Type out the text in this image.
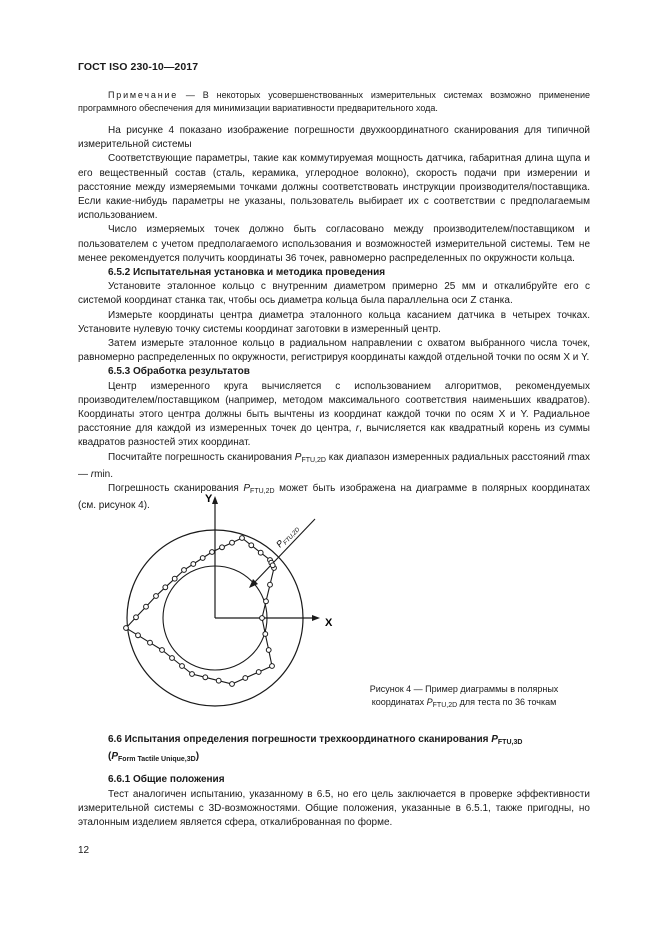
ГОСТ ISO 230-10—2017

Примечание — В некоторых усовершенствованных измерительных системах возможно применение программного обеспечения для минимизации вариативности предварительного хода.

На рисунке 4 показано изображение погрешности двухкоординатного сканирования для типичной измерительной системы

Соответствующие параметры, такие как коммутируемая мощность датчика, габаритная длина щупа и его вещественный состав (сталь, керамика, углеродное волокно), скорость подачи при измерении и расстояние между измеряемыми точками должны соответствовать инструкции производителя/поставщика. Если какие-нибудь параметры не указаны, пользователь выбирает их с соответствии с предполагаемым использованием.

Число измеряемых точек должно быть согласовано между производителем/поставщиком и пользователем с учетом предполагаемого использования и возможностей измерительной системы. Тем не менее рекомендуется получить координаты 36 точек, равномерно распределенных по окружности кольца.

6.5.2 Испытательная установка и методика проведения

Установите эталонное кольцо с внутренним диаметром примерно 25 мм и откалибруйте его с системой координат станка так, чтобы ось диаметра кольца была параллельна оси Z станка.

Измерьте координаты центра диаметра эталонного кольца касанием датчика в четырех точках. Установите нулевую точку системы координат заготовки в измеренный центр.

Затем измерьте эталонное кольцо в радиальном направлении с охватом выбранного числа точек, равномерно распределенных по окружности, регистрируя координаты каждой отдельной точки по осям X и Y.

6.5.3 Обработка результатов

Центр измеренного круга вычисляется с использованием алгоритмов, рекомендуемых производителем/поставщиком (например, методом максимального соответствия наименьших квадратов). Координаты этого центра должны быть вычтены из координат каждой точки по осям X и Y. Радиальное расстояние для каждой из измеренных точек до центра, r, вычисляется как квадратный корень из суммы квадратов разностей этих координат.

Посчитайте погрешность сканирования $P_{FTU,2D}$ как диапазон измеренных радиальных расстояний rmax — rmin.

Погрешность сканирования $P_{FTU,2D}$ может быть изображена на диаграмме в полярных координатах (см. рисунок 4).

$P_{FTU,2D}$
Y
X
Рисунок 4 — Пример диаграммы в полярных координатах $P_{FTU,2D}$ для теста по 36 точкам

6.6 Испытания определения погрешности трехкоординатного сканирования $P_{FTU,3D}$
$(P_{Form Tactile Unique,3D})$

6.6.1 Общие положения

Тест аналогичен испытанию, указанному в 6.5, но его цель заключается в проверке эффективности измерительной системы с 3D-возможностями. Общие положения, указанные в 6.5.1, также пригодны, но эталонным изделием является сфера, откалиброванная по форме.

12
